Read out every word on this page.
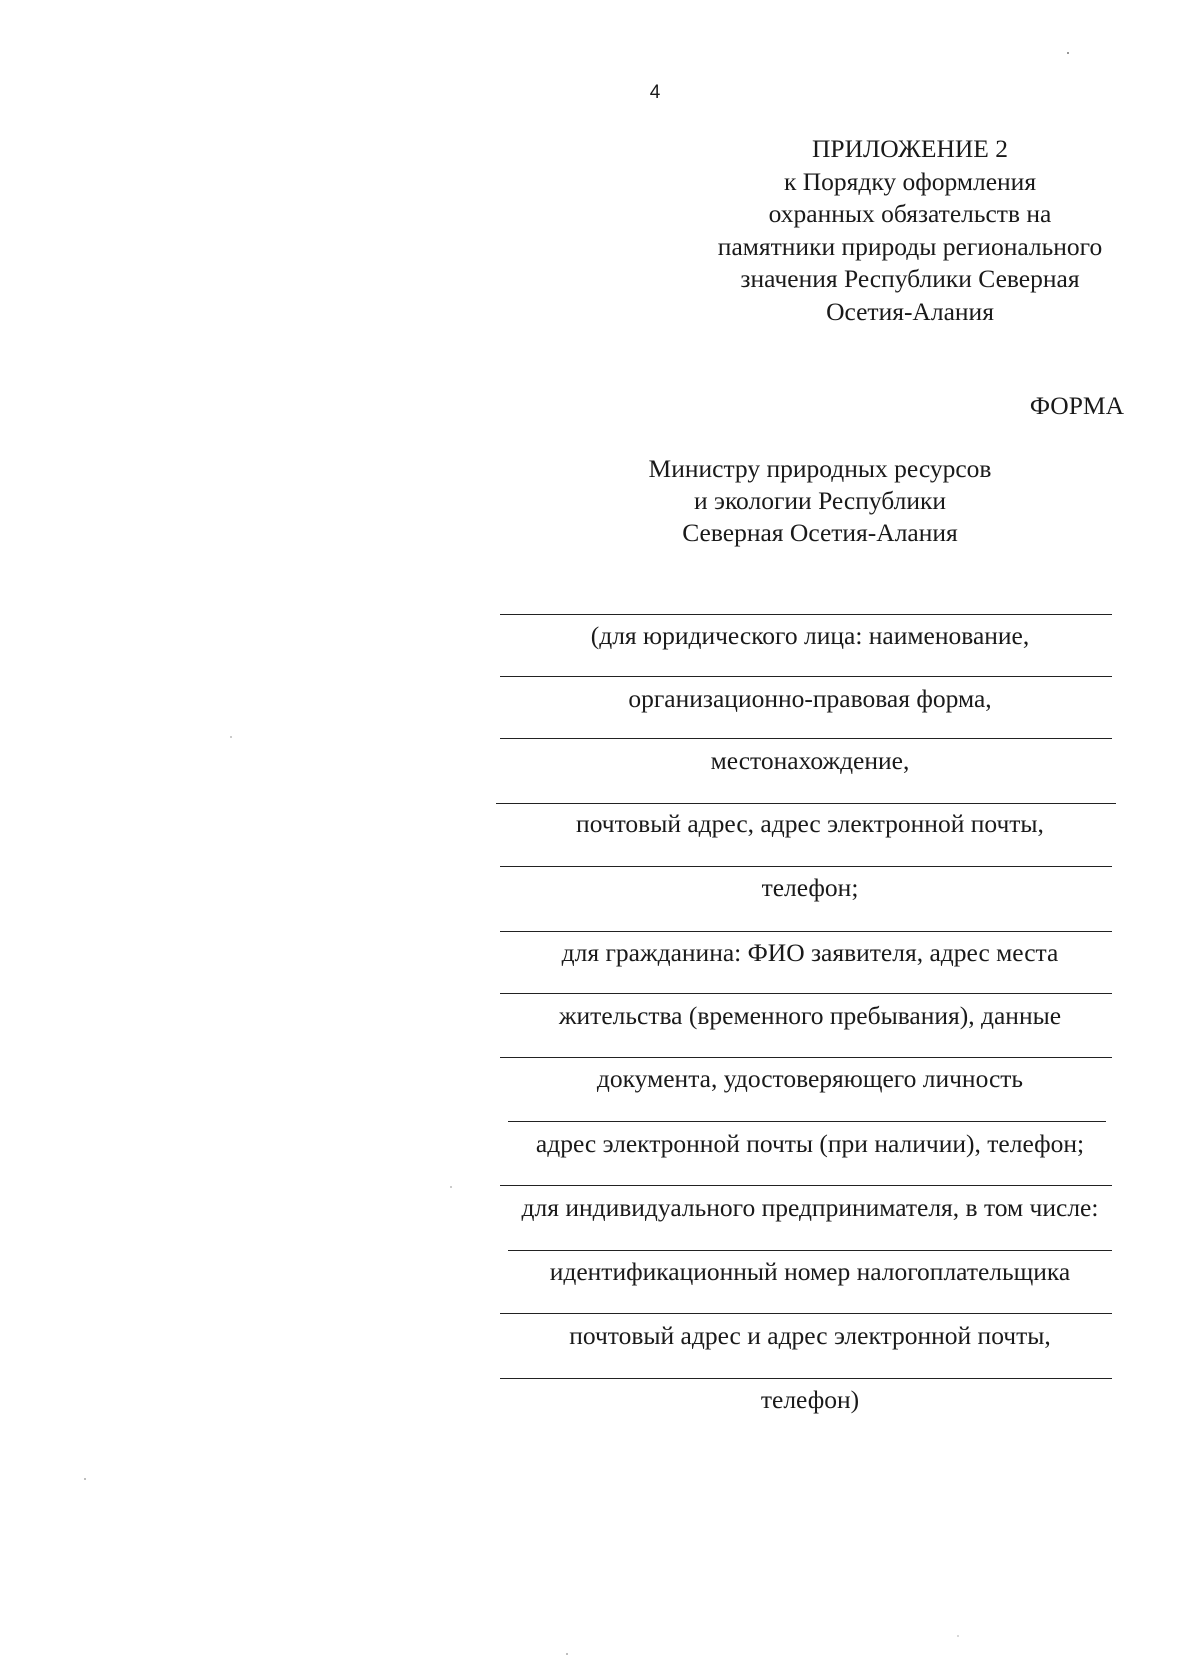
4
ПРИЛОЖЕНИЕ 2
к Порядку оформления
охранных обязательств на
памятники природы регионального
значения Республики Северная
Осетия-Алания
ФОРМА
Министру природных ресурсов
и экологии Республики
Северная Осетия-Алания
(для юридического лица: наименование,
организационно-правовая форма,
местонахождение,
почтовый адрес, адрес электронной почты,
телефон;
для гражданина: ФИО заявителя, адрес места
жительства (временного пребывания), данные
документа, удостоверяющего личность
адрес электронной почты (при наличии), телефон;
для индивидуального предпринимателя, в том числе:
идентификационный номер налогоплательщика
почтовый адрес и адрес электронной почты,
телефон)
